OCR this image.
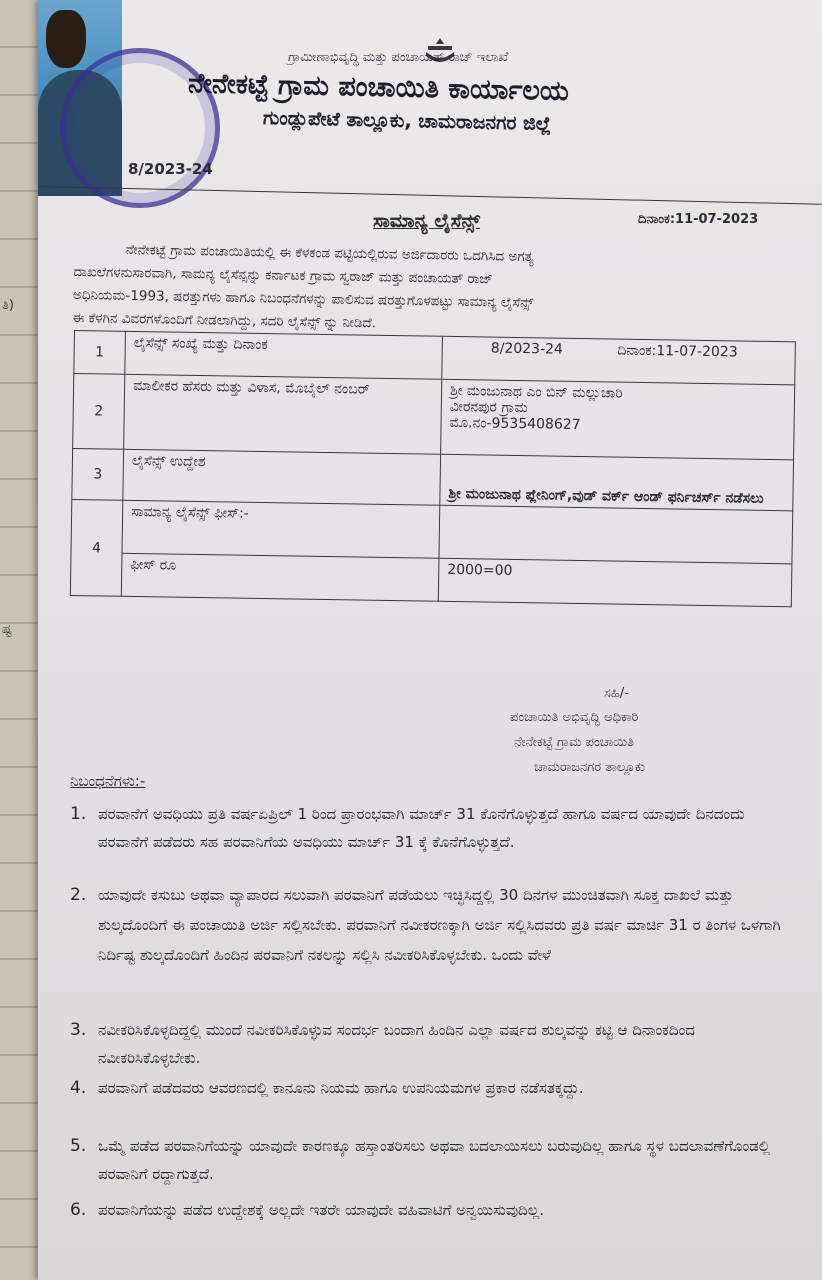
ತಿ)
ಷ್ಟ
ಗ್ರಾಮೀಣಾಭಿವೃದ್ಧಿ ಮತ್ತು ಪಂಚಾಯತ್ ರಾಜ್ ಇಲಾಖೆ
ನೇನೇಕಟ್ಟೆ ಗ್ರಾಮ ಪಂಚಾಯಿತಿ ಕಾರ್ಯಾಲಯ
ಗುಂಡ್ಲುಪೇಟೆ ತಾಲ್ಲೂಕು, ಚಾಮರಾಜನಗರ ಜಿಲ್ಲೆ
8/2023-24
ಸಾಮಾನ್ಯ ಲೈಸೆನ್ಸ್	ದಿನಾಂಕ:11-07-2023
ನೇನೇಕಟ್ಟೆ ಗ್ರಾಮ ಪಂಚಾಯಿತಿಯಲ್ಲಿ ಈ ಕೆಳಕಂಡ ಪಟ್ಟಿಯಲ್ಲಿರುವ ಅರ್ಜಿದಾರರು ಒದಗಿಸಿದ ಅಗತ್ಯ
ದಾಖಲೆಗಳನುಸಾರವಾಗಿ, ಸಾಮನ್ಯ ಲೈಸೆನ್ಸನ್ನು ಕರ್ನಾಟಕ ಗ್ರಾಮ ಸ್ವರಾಜ್ ಮತ್ತು ಪಂಚಾಯತ್ ರಾಜ್
ಅಧಿನಿಯಮ-1993, ಷರತ್ತುಗಳು ಹಾಗೂ ನಿಬಂಧನೆಗಳನ್ನು ಪಾಲಿಸುವ ಷರತ್ತುಗೊಳಪಟ್ಟು ಸಾಮಾನ್ಯ ಲೈಸೆನ್ಸ್
ಈ ಕೆಳಗಿನ ವಿವರಗಳೊಂದಿಗೆ ನೀಡಲಾಗಿದ್ದು, ಸದರಿ ಲೈಸೆನ್ಸ್ ನ್ನು ನೀಡಿದೆ.
1	ಲೈಸೆನ್ಸ್ ಸಂಖ್ಯೆ ಮತ್ತು ದಿನಾಂಕ	8/2023-24 ದಿನಾಂಕ:11-07-2023
2	ಮಾಲೀಕರ ಹೆಸರು ಮತ್ತು ವಿಳಾಸ, ಮೊಬೈಲ್ ನಂಬರ್	ಶ್ರೀ ಮಂಜುನಾಥ ಎಂ ಬಿನ್ ಮಲ್ಲುಚಾರಿ
ವೀರನಪುರ ಗ್ರಾಮ
ಮೊ.ನಂ-9535408627

3	ಲೈಸೆನ್ಸ್ ಉದ್ದೇಶ	ಶ್ರೀ ಮಂಜುನಾಥ ಪ್ಲೇನಿಂಗ್,ವುಡ್ ವರ್ಕ್ ಆಂಡ್ ಫರ್ನಿಚರ್ಸ್ ನಡೆಸಲು
4	ಸಾಮಾನ್ಯ ಲೈಸೆನ್ಸ್ ಫೀಸ್:-	
	ಫೀಸ್ ರೂ	2000=00
ಸಹಿ/-
ಪಂಚಾಯಿತಿ ಅಭಿವೃದ್ಧಿ ಅಧಿಕಾರಿ
ನೇನೇಕಟ್ಟೆ ಗ್ರಾಮ ಪಂಚಾಯಿತಿ
ಚಾಮರಾಜನಗರ ತಾಲ್ಲೂಕು
ನಿಬಂಧನೆಗಳು:-
1. ಪರವಾನೆಗೆ ಅವಧಿಯು ಪ್ರತಿ ವರ್ಷಏಪ್ರಿಲ್ 1 ರಿಂದ ಪ್ರಾರಂಭವಾಗಿ ಮಾರ್ಚ್ 31 ಕೊನೆಗೊಳ್ಳುತ್ತದೆ ಹಾಗೂ ವರ್ಷದ ಯಾವುದೇ ದಿನದಂದು ಪರವಾನೆಗೆ ಪಡೆದರು ಸಹ ಪರವಾನಿಗೆಯ ಅವಧಿಯು ಮಾರ್ಚ್ 31 ಕ್ಕೆ ಕೊನೆಗೊಳ್ಳುತ್ತದೆ.
2. ಯಾವುದೇ ಕಸುಬು ಅಥವಾ ವ್ಯಾಪಾರದ ಸಲುವಾಗಿ ಪರವಾನಿಗೆ ಪಡೆಯಲು ಇಚ್ಛಿಸಿದ್ದಲ್ಲಿ 30 ದಿನಗಳ ಮುಂಚಿತವಾಗಿ ಸೂಕ್ತ ದಾಖಲೆ ಮತ್ತು ಶುಲ್ಕದೊಂದಿಗೆ ಈ ಪಂಚಾಯಿತಿ ಅರ್ಜಿ ಸಲ್ಲಿಸಬೇಕು. ಪರವಾನಿಗೆ ನವೀಕರಣಕ್ಕಾಗಿ ಅರ್ಜಿ ಸಲ್ಲಿಸಿದವರು ಪ್ರತಿ ವರ್ಷ ಮಾರ್ಚಿ 31 ರ ತಿಂಗಳ ಒಳಗಾಗಿ ನಿರ್ದಿಷ್ಟ ಶುಲ್ಕದೊಂದಿಗೆ ಹಿಂದಿನ ಪರವಾನಿಗೆ ನಕಲನ್ನು ಸಲ್ಲಿಸಿ ನವೀಕರಿಸಿಕೊಳ್ಳಬೇಕು. ಒಂದು ವೇಳೆ
3. ನವೀಕರಿಸಿಕೊಳ್ಳದಿದ್ದಲ್ಲಿ ಮುಂದೆ ನವೀಕರಿಸಿಕೊಳ್ಳುವ ಸಂದರ್ಭ ಬಂದಾಗ ಹಿಂದಿನ ಎಲ್ಲಾ ವರ್ಷದ ಶುಲ್ಕವನ್ನು ಕಟ್ಟಿ ಆ ದಿನಾಂಕದಿಂದ ನವೀಕರಿಸಿಕೊಳ್ಳಬೇಕು.
4. ಪರವಾನಿಗೆ ಪಡೆದವರು ಆವರಣದಲ್ಲಿ ಕಾನೂನು ನಿಯಮ ಹಾಗೂ ಉಪನಿಯಮಗಳ ಪ್ರಕಾರ ನಡೆಸತಕ್ಕದ್ದು.
5. ಒಮ್ಮೆ ಪಡೆದ ಪರವಾನಿಗೆಯನ್ನು ಯಾವುದೇ ಕಾರಣಕ್ಕೂ ಹಸ್ತಾಂತರಿಸಲು ಅಥವಾ ಬದಲಾಯಿಸಲು ಬರುವುದಿಲ್ಲ ಹಾಗೂ ಸ್ಥಳ ಬದಲಾವಣೆಗೊಂಡಲ್ಲಿ ಪರವಾನಿಗೆ ರದ್ದಾಗುತ್ತದೆ.
6. ಪರವಾನಿಗೆಯನ್ನು ಪಡೆದ ಉದ್ದೇಶಕ್ಕೆ ಅಲ್ಲದೇ ಇತರೇ ಯಾವುದೇ ವಹಿವಾಟಿಗೆ ಅನ್ವಯಿಸುವುದಿಲ್ಲ.
